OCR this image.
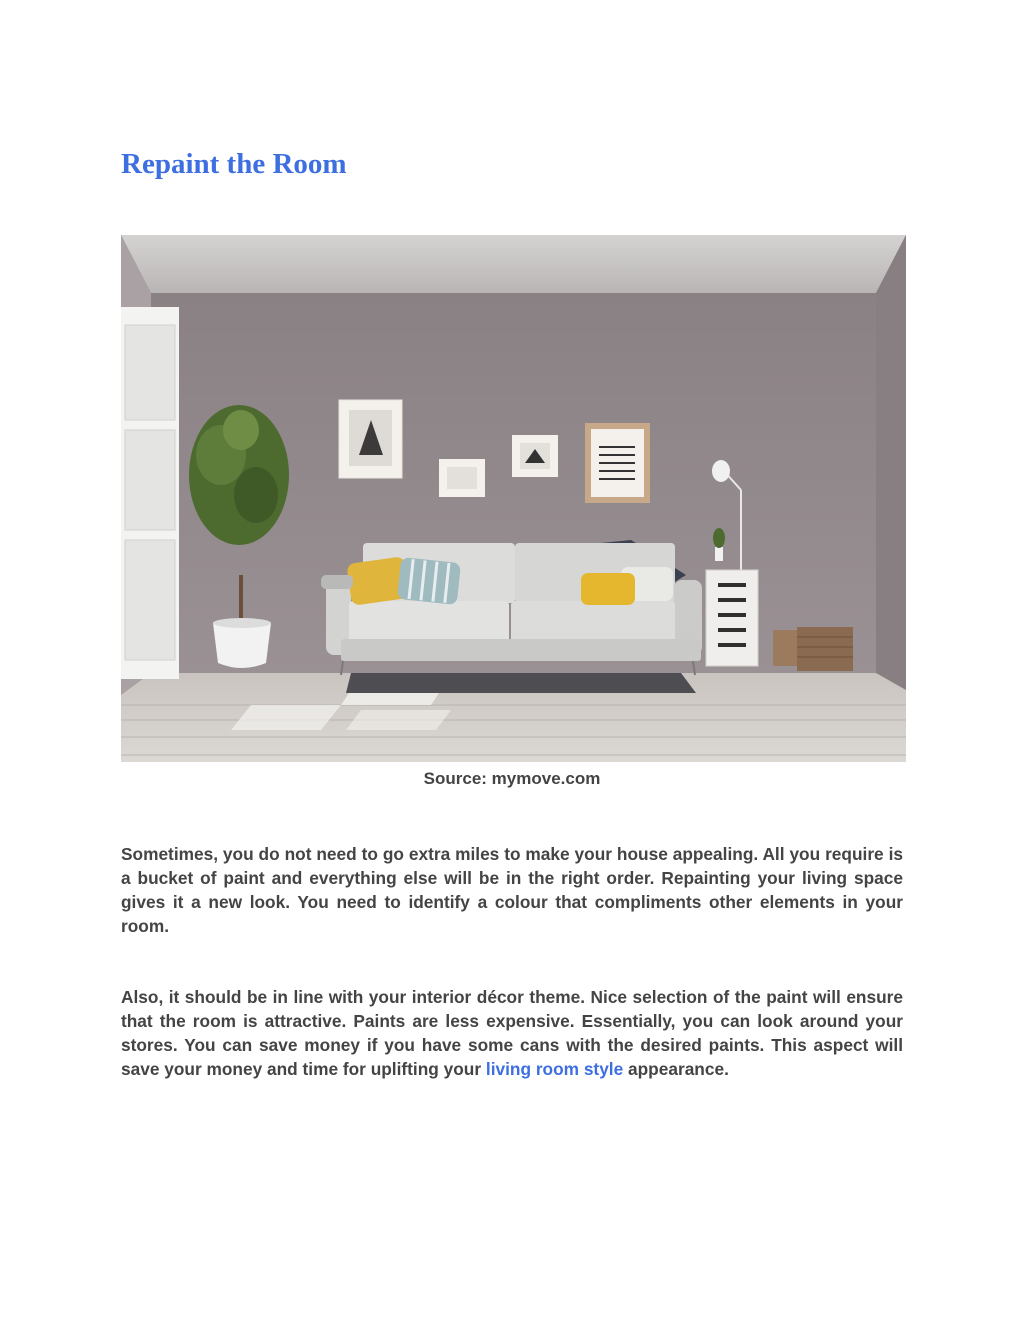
Repaint the Room
Source: mymove.com

Sometimes, you do not need to go extra miles to make your house appealing. All you require is a bucket of paint and everything else will be in the right order. Repainting your living space gives it a new look. You need to identify a colour that compliments other elements in your room.

Also, it should be in line with your interior décor theme. Nice selection of the paint will ensure that the room is attractive. Paints are less expensive. Essentially, you can look around your stores. You can save money if you have some cans with the desired paints. This aspect will save your money and time for uplifting your living room style appearance.
